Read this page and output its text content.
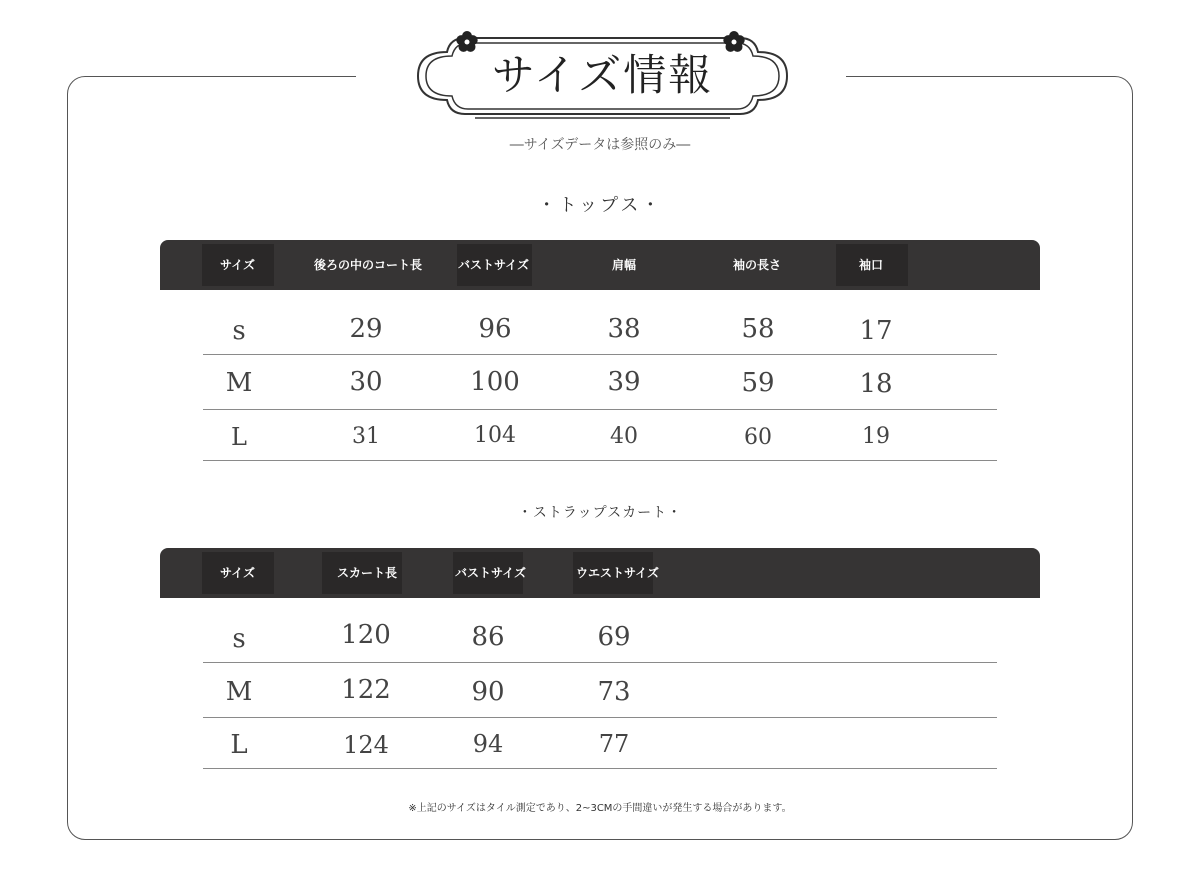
サイズ情報
―サイズデータは参照のみ―
・トップス・
サイズ	後ろの中のコート長	バストサイズ	肩幅	袖の長さ	袖口
s	29	96	38	58	17
M	30	100	39	59	18
L	31	104	40	60	19
・ストラップスカート・
サイズ	スカート長	バストサイズ	ウエストサイズ
s	120	86	69
M	122	90	73
L	124	94	77
※上記のサイズはタイル測定であり、2~3CMの手間違いが発生する場合があります。
